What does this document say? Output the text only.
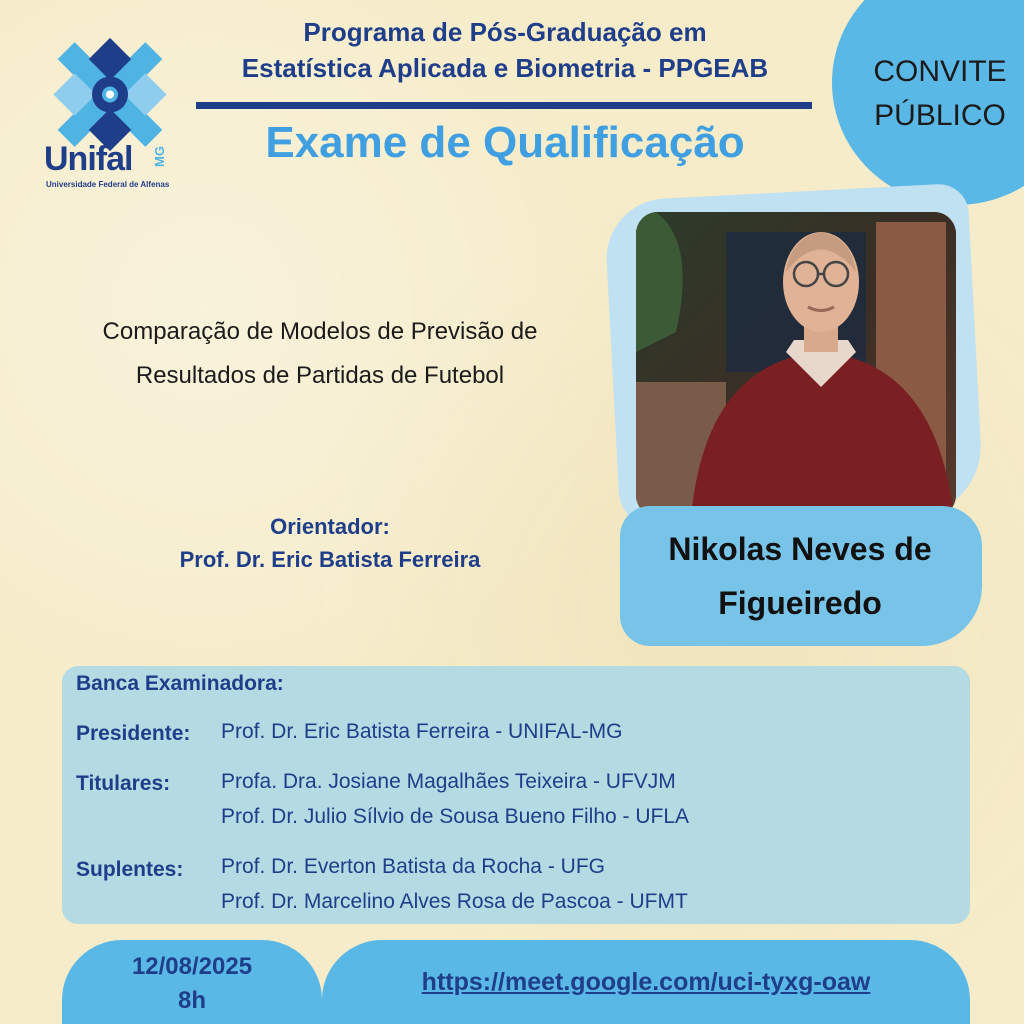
Unifal MG
Universidade Federal de Alfenas
Programa de Pós-Graduação em
Estatística Aplicada e Biometria - PPGEAB
Exame de Qualificação
CONVITE
PÚBLICO
Nikolas Neves de
Figueiredo
Comparação de Modelos de Previsão de
Resultados de Partidas de Futebol
Orientador:
Prof. Dr. Eric Batista Ferreira
Banca Examinadora:
Presidente: Prof. Dr. Eric Batista Ferreira - UNIFAL-MG
Titulares: Profa. Dra. Josiane Magalhães Teixeira - UFVJM
Prof. Dr. Julio Sílvio de Sousa Bueno Filho - UFLA
Suplentes: Prof. Dr. Everton Batista da Rocha - UFG
Prof. Dr. Marcelino Alves Rosa de Pascoa - UFMT
12/08/2025
8h
https://meet.google.com/uci-tyxg-oaw
